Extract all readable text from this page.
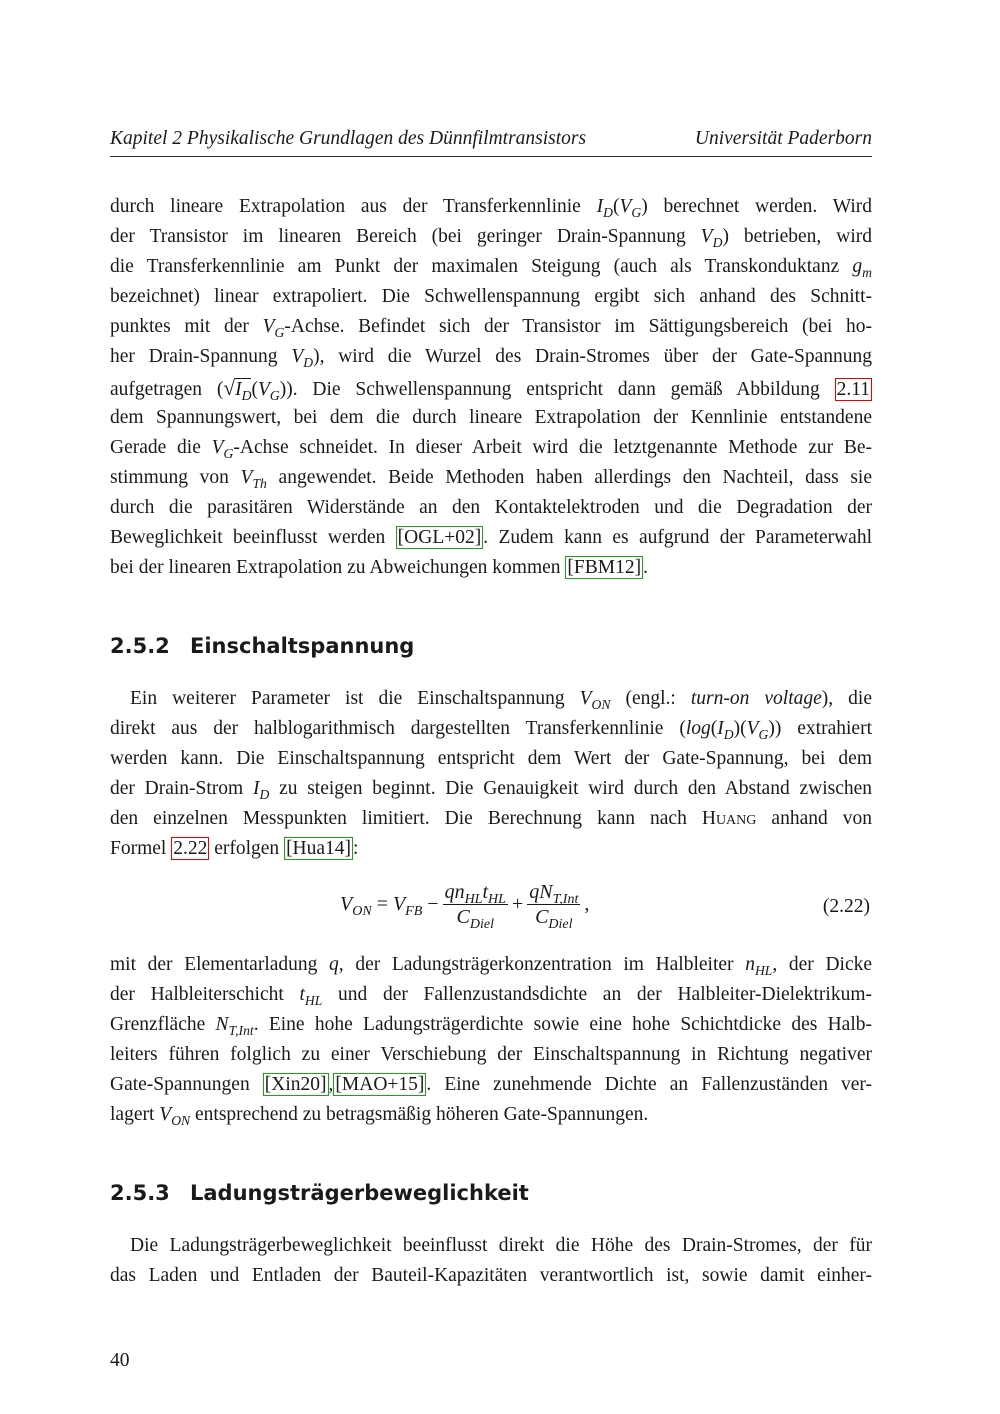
Kapitel 2 Physikalische Grundlagen des Dünnfilmtransistors	Universität Paderborn
durch lineare Extrapolation aus der Transferkennlinie $I_D(V_G)$ berechnet werden. Wird
der Transistor im linearen Bereich (bei geringer Drain-Spannung $V_D$) betrieben, wird
die Transferkennlinie am Punkt der maximalen Steigung (auch als Transkonduktanz $g_m$
bezeichnet) linear extrapoliert. Die Schwellenspannung ergibt sich anhand des Schnitt-
punktes mit der $V_G$-Achse. Befindet sich der Transistor im Sättigungsbereich (bei ho-
her Drain-Spannung $V_D$), wird die Wurzel des Drain-Stromes über der Gate-Spannung
aufgetragen $(√I_D(V_G))$. Die Schwellenspannung entspricht dann gemäß Abbildung 2.11
dem Spannungswert, bei dem die durch lineare Extrapolation der Kennlinie entstandene
Gerade die $V_G$-Achse schneidet. In dieser Arbeit wird die letztgenannte Methode zur Be-
stimmung von $V_{Th}$ angewendet. Beide Methoden haben allerdings den Nachteil, dass sie
durch die parasitären Widerstände an den Kontaktelektroden und die Degradation der
Beweglichkeit beeinflusst werden [OGL+02] . Zudem kann es aufgrund der Parameterwahl
bei der linearen Extrapolation zu Abweichungen kommen [FBM12] .
2.5.2 Einschaltspannung
Ein weiterer Parameter ist die Einschaltspannung $V_{ON}$ (engl.: turn-on voltage), die
direkt aus der halblogarithmisch dargestellten Transferkennlinie $(\log(I_D)(V_G))$ extrahiert
werden kann. Die Einschaltspannung entspricht dem Wert der Gate-Spannung, bei dem
der Drain-Strom $I_D$ zu steigen beginnt. Die Genauigkeit wird durch den Abstand zwischen
den einzelnen Messpunkten limitiert. Die Berechnung kann nach Huang anhand von
Formel 2.22 erfolgen [Hua14] :
$V_{ON} = V_{FB} - \frac{qn_{HL}t_{HL}}{C_{Diel}} + \frac{qN_{T,Int}}{C_{Diel}}$ ,	(2.22)
mit der Elementarladung q, der Ladungsträgerkonzentration im Halbleiter $n_{HL}$, der Dicke
der Halbleiterschicht $t_{HL}$ und der Fallenzustandsdichte an der Halbleiter-Dielektrikum-
Grenzfläche $N_{T,Int}$. Eine hohe Ladungsträgerdichte sowie eine hohe Schichtdicke des Halb-
leiters führen folglich zu einer Verschiebung der Einschaltspannung in Richtung negativer
Gate-Spannungen [Xin20] , [MAO+15] . Eine zunehmende Dichte an Fallenzuständen ver-
lagert $V_{ON}$ entsprechend zu betragsmäßig höheren Gate-Spannungen.
2.5.3 Ladungsträgerbeweglichkeit
Die Ladungsträgerbeweglichkeit beeinflusst direkt die Höhe des Drain-Stromes, der für
das Laden und Entladen der Bauteil-Kapazitäten verantwortlich ist, sowie damit einher-
40
